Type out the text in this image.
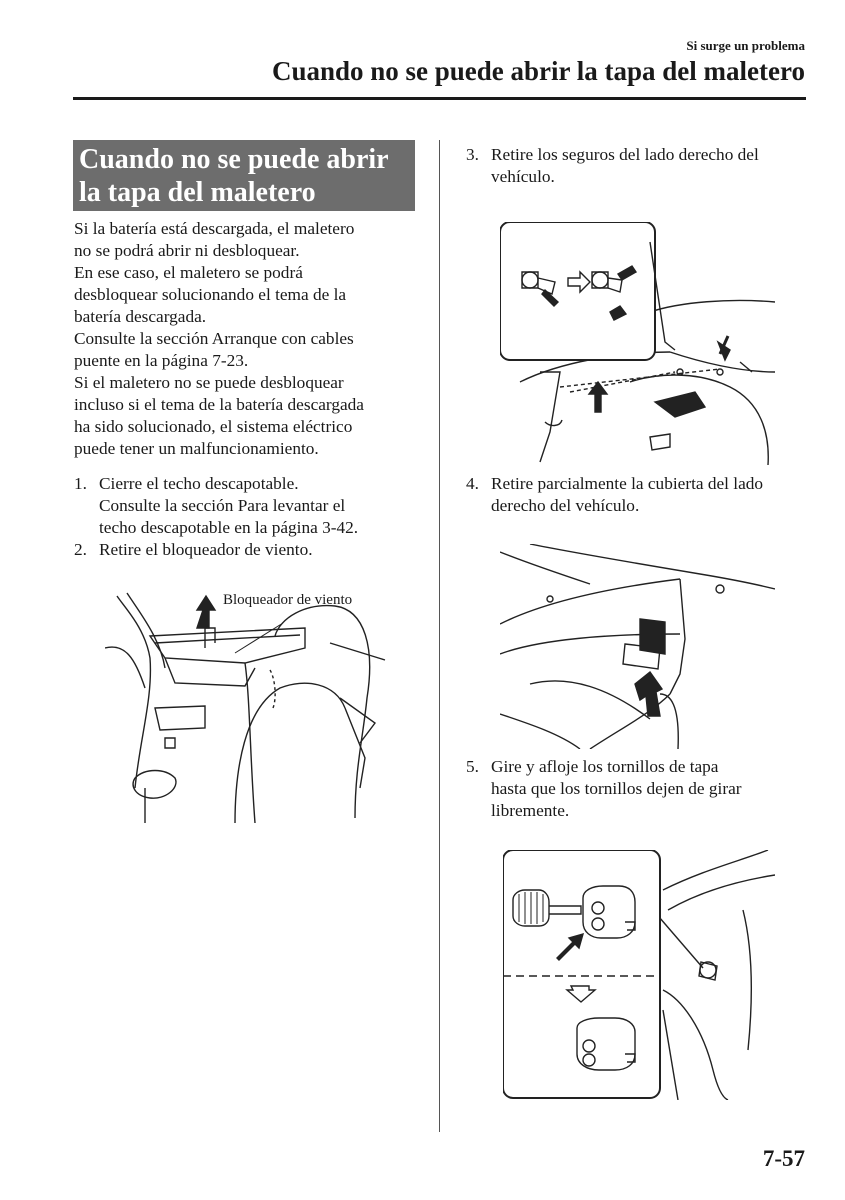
Si surge un problema
Cuando no se puede abrir la tapa del maletero
Cuando no se puede abrir
la tapa del maletero
Si la batería está descargada, el maletero
no se podrá abrir ni desbloquear.
En ese caso, el maletero se podrá
desbloquear solucionando el tema de la
batería descargada.
Consulte la sección Arranque con cables
puente en la página 7-23.
Si el maletero no se puede desbloquear
incluso si el tema de la batería descargada
ha sido solucionado, el sistema eléctrico
puede tener un malfuncionamiento.
1. Cierre el techo descapotable.
Consulte la sección Para levantar el
techo descapotable en la página 3-42.
2. Retire el bloqueador de viento.
Bloqueador de viento
3. Retire los seguros del lado derecho del
vehículo.
4. Retire parcialmente la cubierta del lado
derecho del vehículo.
5. Gire y afloje los tornillos de tapa
hasta que los tornillos dejen de girar
libremente.
7-57
